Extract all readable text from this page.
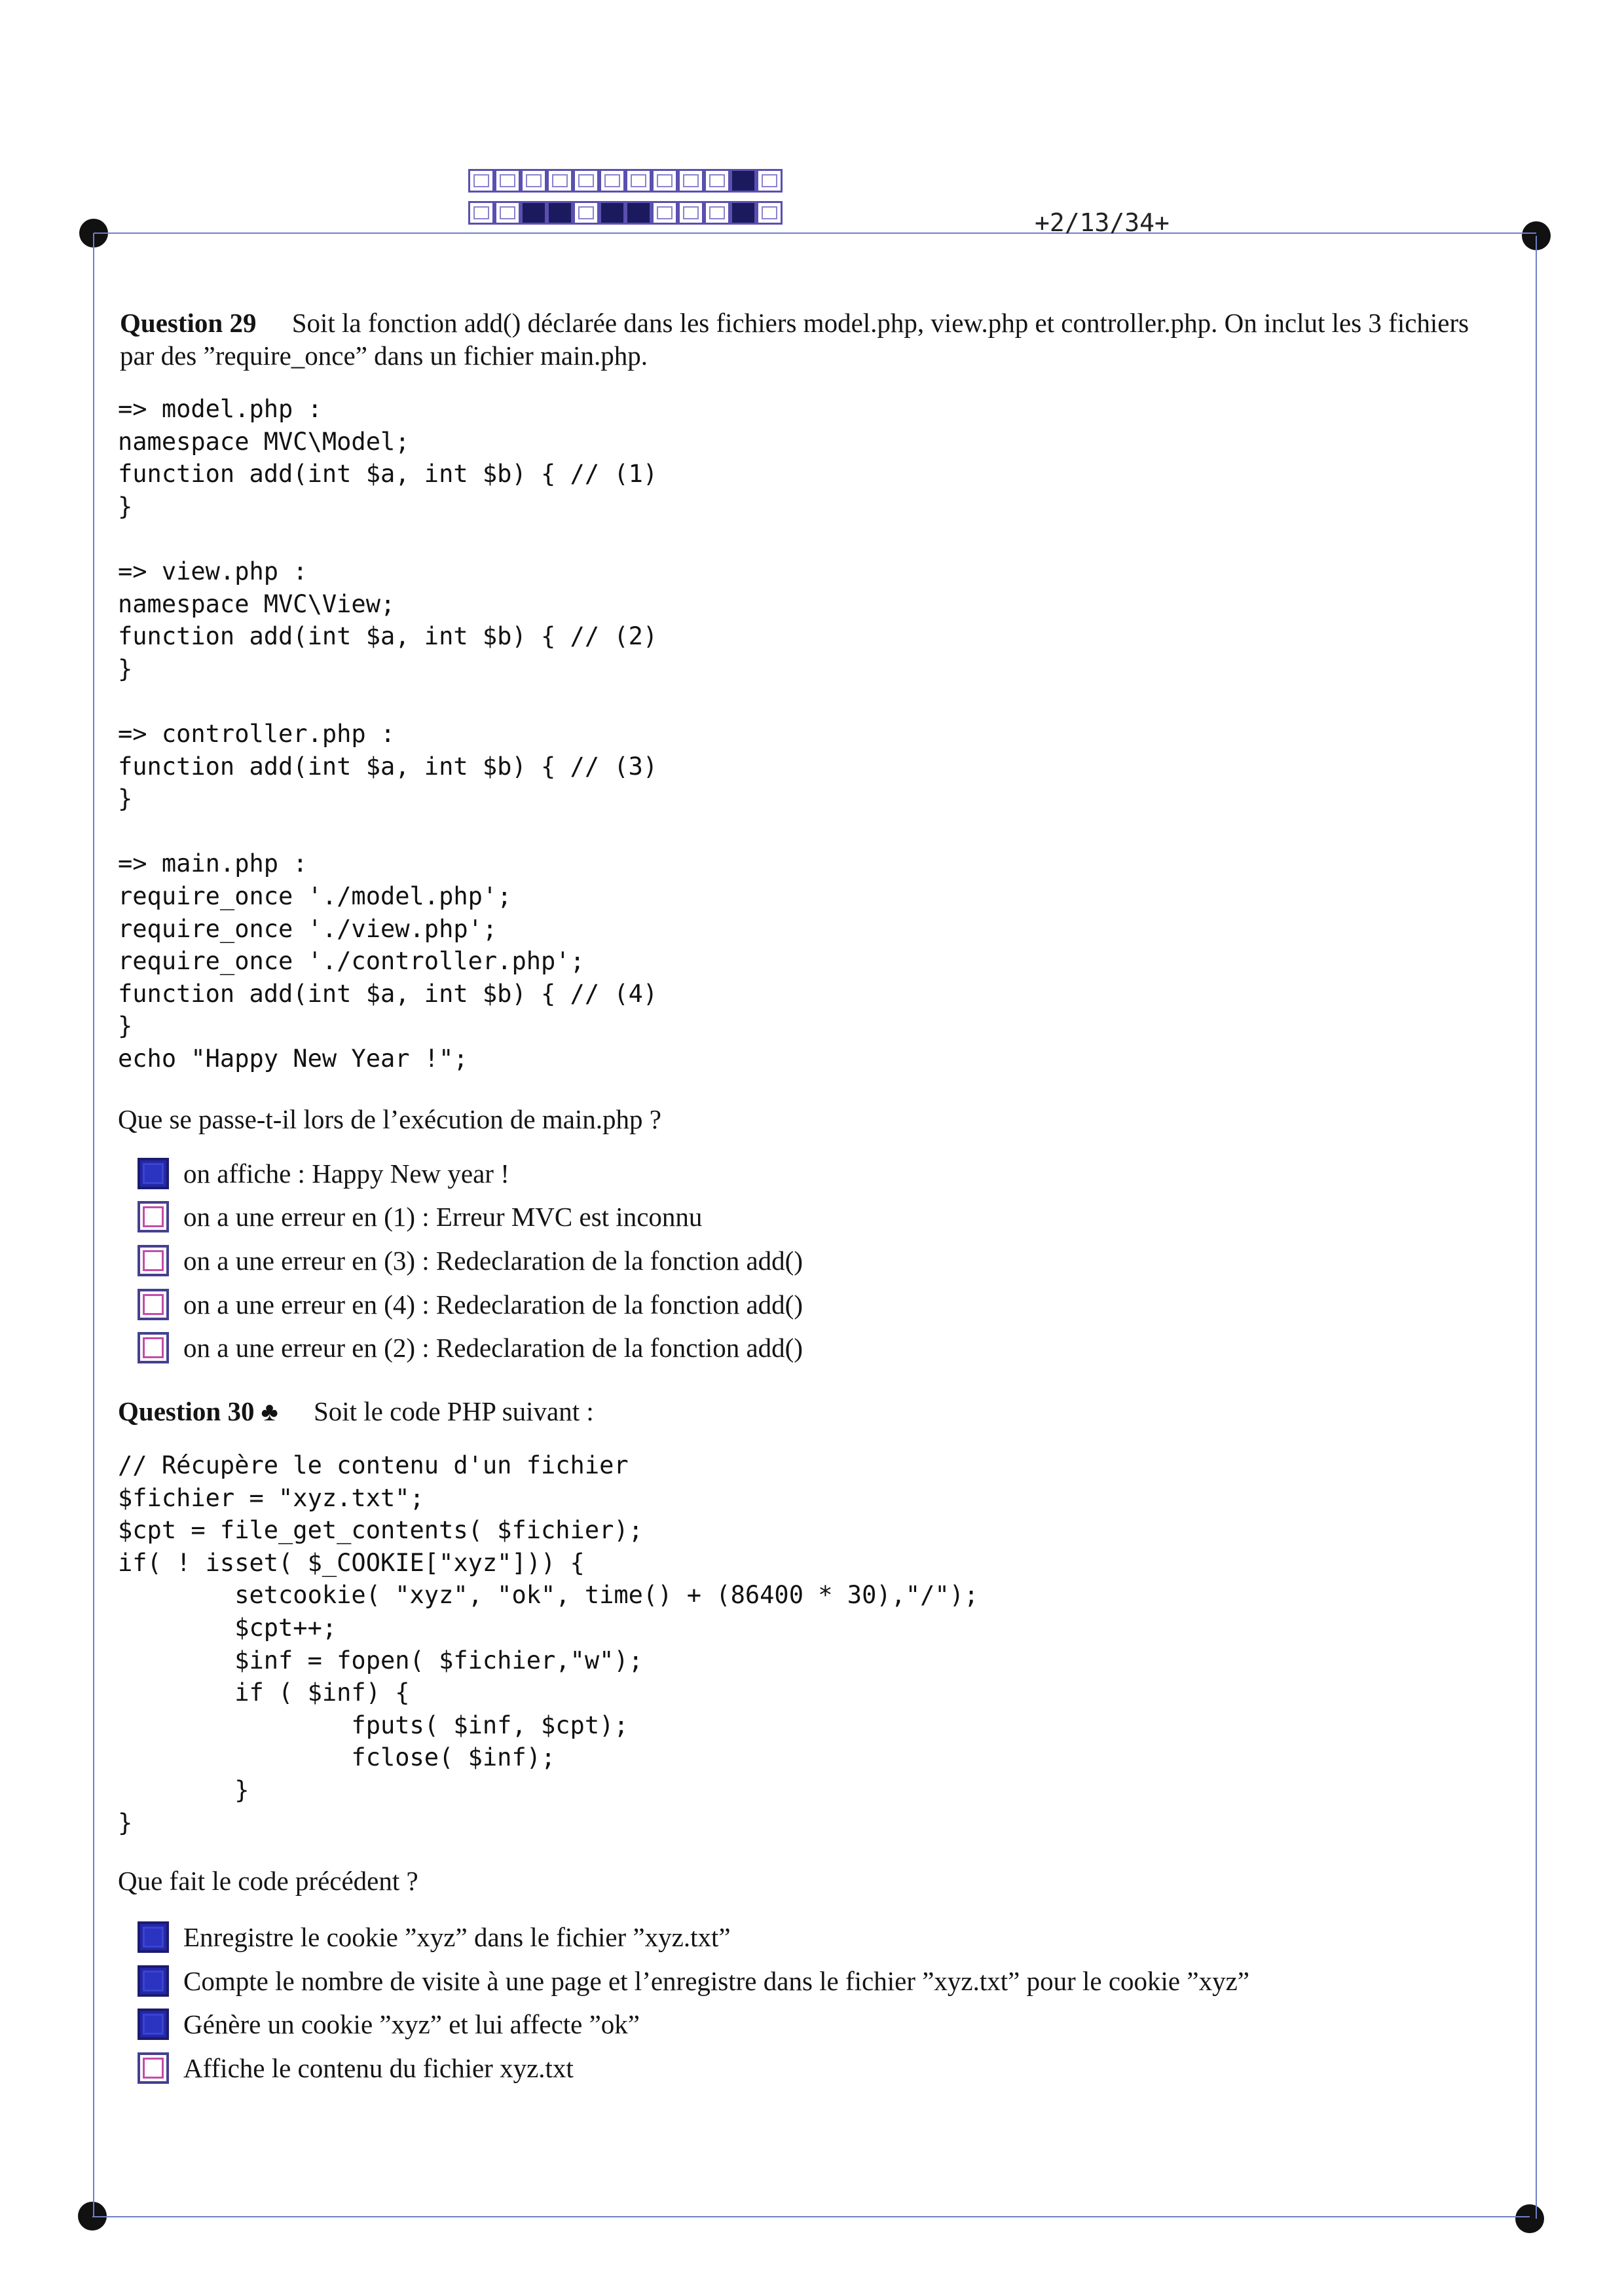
+2/13/34+
Question 29 Soit la fonction add() déclarée dans les fichiers model.php, view.php et controller.php. On inclut les 3 fichiers
par des ”require_once” dans un fichier main.php.
=> model.php :
namespace MVC\Model;
function add(int $a, int $b) { // (1)
}

=> view.php :
namespace MVC\View;
function add(int $a, int $b) { // (2)
}

=> controller.php :
function add(int $a, int $b) { // (3)
}

=> main.php :
require_once './model.php';
require_once './view.php';
require_once './controller.php';
function add(int $a, int $b) { // (4)
}
echo "Happy New Year !";
Que se passe-t-il lors de l’exécution de main.php ?
on affiche : Happy New year !
on a une erreur en (1) : Erreur MVC est inconnu
on a une erreur en (3) : Redeclaration de la fonction add()
on a une erreur en (4) : Redeclaration de la fonction add()
on a une erreur en (2) : Redeclaration de la fonction add()
Question 30 ♣ Soit le code PHP suivant :
// Récupère le contenu d'un fichier
$fichier = "xyz.txt";
$cpt = file_get_contents( $fichier);
if( ! isset( $_COOKIE["xyz"])) {
setcookie( "xyz", "ok", time() + (86400 * 30),"/");
$cpt++;
$inf = fopen( $fichier,"w");
if ( $inf) {
fputs( $inf, $cpt);
fclose( $inf);
}
}
Que fait le code précédent ?
Enregistre le cookie ”xyz” dans le fichier ”xyz.txt”
Compte le nombre de visite à une page et l’enregistre dans le fichier ”xyz.txt” pour le cookie ”xyz”
Génère un cookie ”xyz” et lui affecte ”ok”
Affiche le contenu du fichier xyz.txt
